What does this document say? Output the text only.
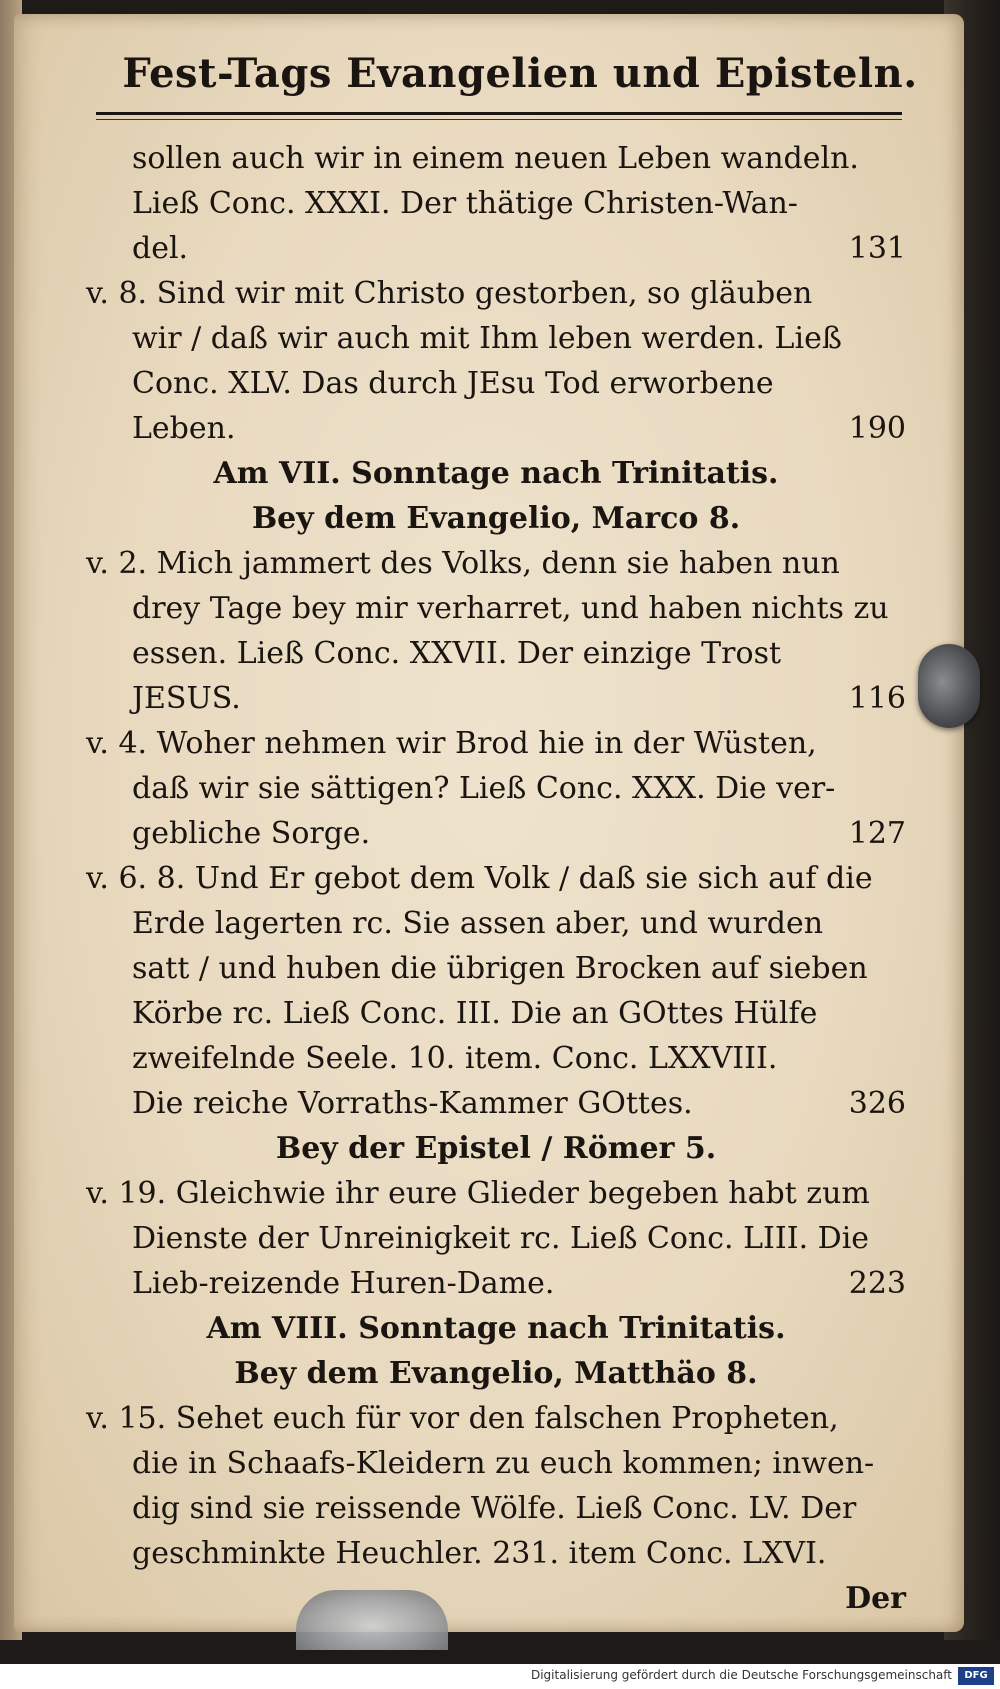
Fest-Tags Evangelien und Episteln.
sollen auch wir in einem neuen Leben wandeln.
Ließ Conc. XXXI. Der thätige Christen-Wan-
del.	131
v. 8. Sind wir mit Christo gestorben, so gläuben
wir / daß wir auch mit Ihm leben werden. Ließ
Conc. XLV. Das durch JEsu Tod erworbene
Leben.	190
Am VII. Sonntage nach Trinitatis.
Bey dem Evangelio, Marco 8.
v. 2. Mich jammert des Volks, denn sie haben nun
drey Tage bey mir verharret, und haben nichts zu
essen. Ließ Conc. XXVII. Der einzige Trost
JESUS.	116
v. 4. Woher nehmen wir Brod hie in der Wüsten,
daß wir sie sättigen? Ließ Conc. XXX. Die ver-
gebliche Sorge.	127
v. 6. 8. Und Er gebot dem Volk / daß sie sich auf die
Erde lagerten rc. Sie assen aber, und wurden
satt / und huben die übrigen Brocken auf sieben
Körbe rc. Ließ Conc. III. Die an GOttes Hülfe
zweifelnde Seele. 10. item. Conc. LXXVIII.
Die reiche Vorraths-Kammer GOttes.	326
Bey der Epistel / Römer 5.
v. 19. Gleichwie ihr eure Glieder begeben habt zum
Dienste der Unreinigkeit rc. Ließ Conc. LIII. Die
Lieb-reizende Huren-Dame.	223
Am VIII. Sonntage nach Trinitatis.
Bey dem Evangelio, Matthäo 8.
v. 15. Sehet euch für vor den falschen Propheten,
die in Schaafs-Kleidern zu euch kommen; inwen-
dig sind sie reissende Wölfe. Ließ Conc. LV. Der
geschminkte Heuchler. 231. item Conc. LXVI.
Der
Digitalisierung gefördert durch die Deutsche Forschungsgemeinschaft	DFG
